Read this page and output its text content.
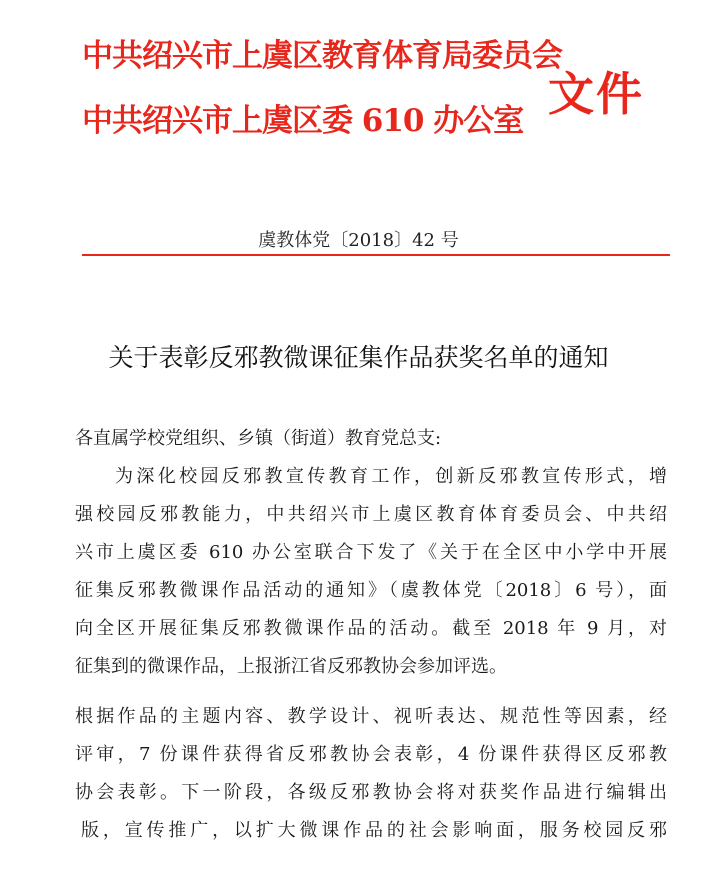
中共绍兴市上虞区教育体育局委员会
中共绍兴市上虞区委 610 办公室 文件
虞教体党〔2018〕42 号
关于表彰反邪教微课征集作品获奖名单的通知
各直属学校党组织、乡镇（街道）教育党总支:
为深化校园反邪教宣传教育工作，创新反邪教宣传形式，增
强校园反邪教能力，中共绍兴市上虞区教育体育委员会、中共绍
兴市上虞区委 610 办公室联合下发了《关于在全区中小学中开展
征集反邪教微课作品活动的通知》（虞教体党〔2018〕6 号），面
向全区开展征集反邪教微课作品的活动。截至 2018 年 9 月，对
征集到的微课作品，上报浙江省反邪教协会参加评选。
根据作品的主题内容、教学设计、视听表达、规范性等因素，经
评审，7 份课件获得省反邪教协会表彰，4 份课件获得区反邪教
协会表彰。下一阶段，各级反邪教协会将对获奖作品进行编辑出
版，宣传推广，以扩大微课作品的社会影响面，服务校园反邪
